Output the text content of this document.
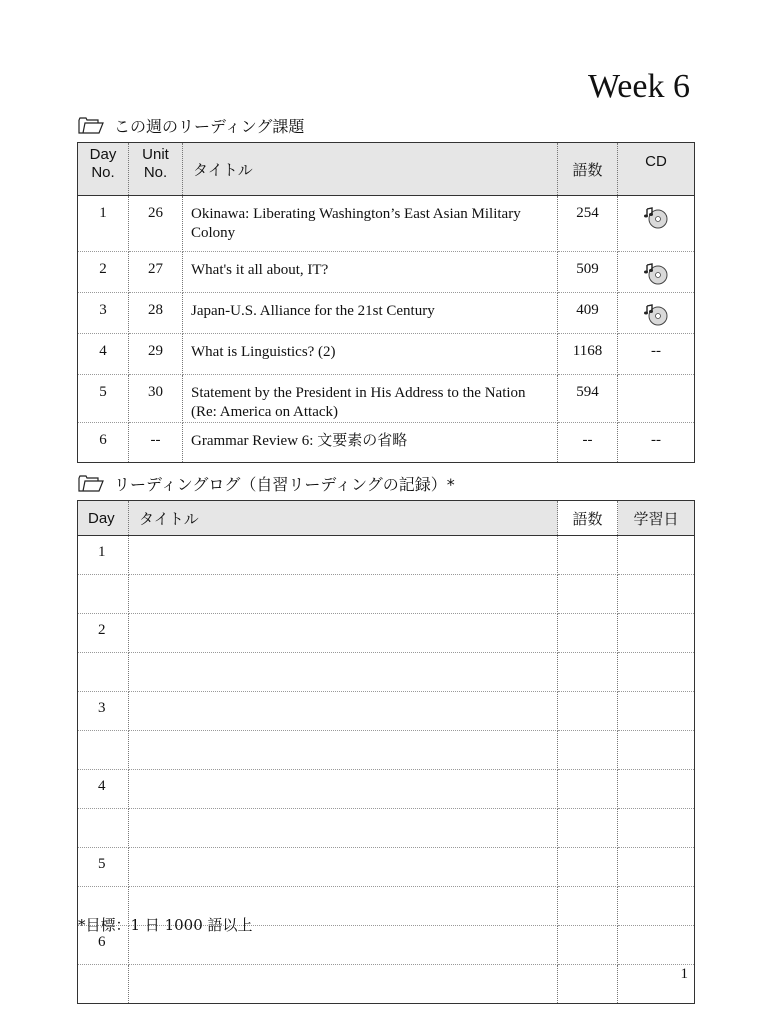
Week 6
この週のリーディング課題
Day No.	Unit No.	タイトル	語数	CD
1	26	Okinawa: Liberating Washington’s East Asian Military Colony	254	

2	27	What's it all about, IT?	509	

3	28	Japan-U.S. Alliance for the 21st Century	409	

4	29	What is Linguistics? (2)	1168	--
5	30	Statement by the President in His Address to the Nation (Re: America on Attack)	594	
6	--	Grammar Review 6: 文要素の省略	--	--
リーディングログ（自習リーディングの記録）*
Day	タイトル	語数	学習日
1			

2			

3			

4			

5			

6			

*目標：1 日 1000 語以上
1
